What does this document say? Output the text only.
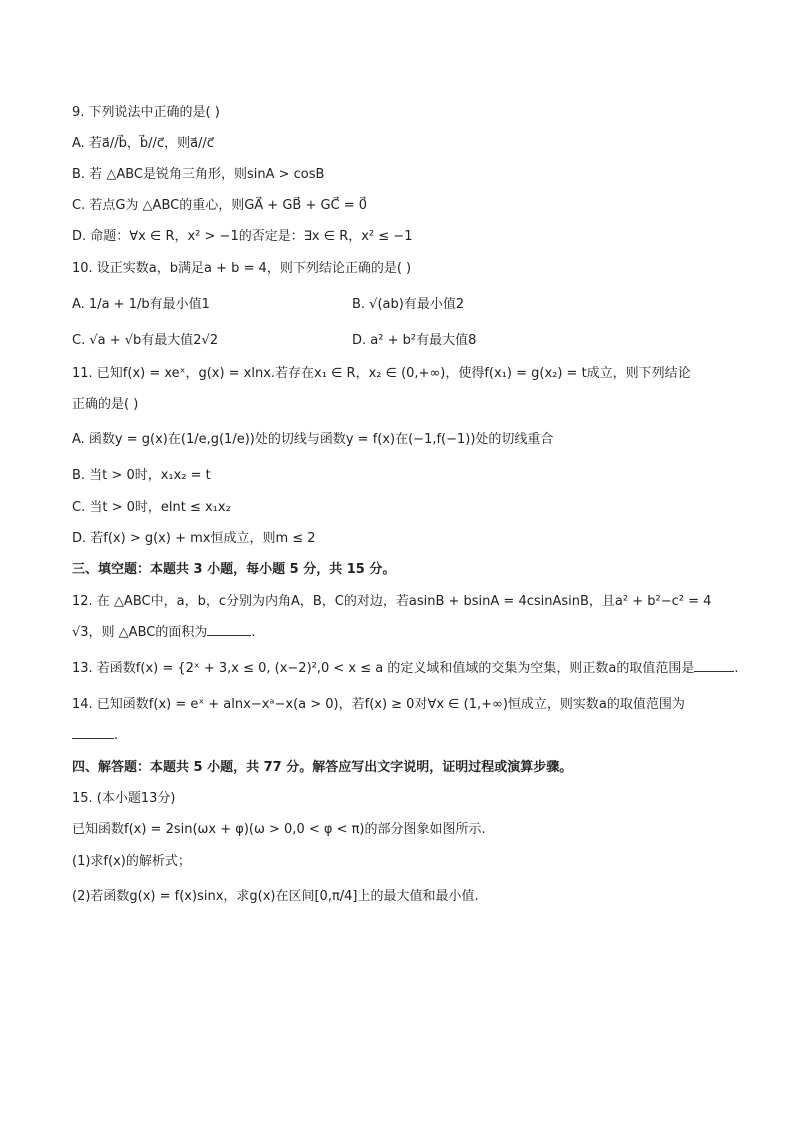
9. 下列说法中正确的是( )
A. 若a⃗//b⃗，b⃗//c⃗，则a⃗//c⃗
B. 若 △ABC是锐角三角形，则sinA > cosB
C. 若点G为 △ABC的重心，则GA⃗ + GB⃗ + GC⃗ = 0⃗
D. 命题：∀x ∈ R，x² > −1的否定是：∃x ∈ R，x² ≤ −1
10. 设正实数a，b满足a + b = 4，则下列结论正确的是( )
A. 1/a + 1/b有最小值1	B. √(ab)有最小值2
C. √a + √b有最大值2√2	D. a² + b²有最大值8
11. 已知f(x) = xeˣ，g(x) = xlnx.若存在x₁ ∈ R，x₂ ∈ (0,+∞)，使得f(x₁) = g(x₂) = t成立，则下列结论
正确的是( )
A. 函数y = g(x)在(1/e,g(1/e))处的切线与函数y = f(x)在(−1,f(−1))处的切线重合
B. 当t > 0时，x₁x₂ = t
C. 当t > 0时，elnt ≤ x₁x₂
D. 若f(x) > g(x) + mx恒成立，则m ≤ 2
三、填空题：本题共 3 小题，每小题 5 分，共 15 分。
12. 在 △ABC中，a，b，c分别为内角A，B，C的对边，若asinB + bsinA = 4csinAsinB，且a² + b²−c² = 4
√3，则 △ABC的面积为	.
13. 若函数f(x) = {2ˣ + 3,x ≤ 0, (x−2)²,0 < x ≤ a 的定义域和值域的交集为空集，则正数a的取值范围是	.
14. 已知函数f(x) = eˣ + alnx−xᵃ−x(a > 0)，若f(x) ≥ 0对∀x ∈ (1,+∞)恒成立，则实数a的取值范围为
.
四、解答题：本题共 5 小题，共 77 分。解答应写出文字说明，证明过程或演算步骤。
15. (本小题13分)
已知函数f(x) = 2sin(ωx + φ)(ω > 0,0 < φ < π)的部分图象如图所示.
(1)求f(x)的解析式；
(2)若函数g(x) = f(x)sinx，求g(x)在区间[0,π/4]上的最大值和最小值.
